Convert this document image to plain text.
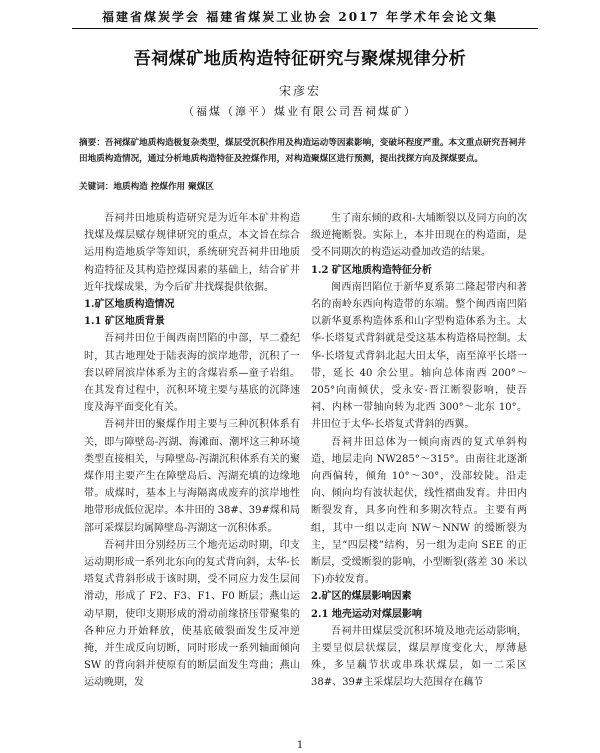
福建省煤炭学会 福建省煤炭工业协会 2017 年学术年会论文集
吾祠煤矿地质构造特征研究与聚煤规律分析
宋彦宏
（福煤（漳平）煤业有限公司吾祠煤矿）
摘要：吾祠煤矿地质构造极复杂类型，煤层受沉积作用及构造运动等因素影响，变破坏程度严重。本文重点研究吾祠井田地质构造情况，通过分析地质构造特征及控煤作用，对构造聚煤区进行预测，提出找探方向及探煤要点。
关键词：地质构造 控煤作用 聚煤区

吾祠井田地质构造研究是为近年本矿井构造找煤及煤层赋存规律研究的重点，本文旨在综合运用构造地质学等知识，系统研究吾祠井田地质构造特征及其构造控煤因素的基础上，结合矿井近年找煤成果，为今后矿井找煤提供依据。

1.矿区地质构造情况
1.1 矿区地质背景

吾祠井田位于闽西南凹陷的中部，早二叠纪时，其古地理处于陆表海的滨岸地带，沉积了一套以碎屑滨岸体系为主的含煤岩系—童子岩组。在其发育过程中，沉积环境主要与基底的沉降速度及海平面变化有关。

吾祠井田的聚煤作用主要与三种沉积体系有关，即与障壁岛-泻湖、海滩面、潮坪这三种环境类型直接相关，与障壁岛-泻湖沉积体系有关的聚煤作用主要产生在障壁岛后、泻湖充填的边缘地带。成煤时，基本上与海隔离成废弃的滨岸地性地带形成低位泥岸。本井田的 38#、39#煤和局部可采煤层均属障壁岛-泻湖这一沉积体系。

吾祠井田分别经历三个地壳运动时期，印支运动期形成一系列北东向的复式背向斜，太华-长塔复式背斜形成于该时期，受不同应力发生层间滑动，形成了 F2、F3、F1、F0 断层；燕山运动早期，使印支期形成的滑动前缘挤压带聚集的各种应力开始释放，使基底破裂面发生反冲逆掩，并生成反向切断，同时形成一系列轴面倾向 SW 的背向斜并使原有的断层面发生弯曲；燕山运动晚期，发

生了南东倾的政和-大埔断裂以及同方向的次级逆掩断裂。实际上，本井田现在的构造面，是受不同期次的构造运动叠加改造的结果。

1.2 矿区地质构造特征分析

闽西南凹陷位于新华夏系第二隆起带内和著名的南岭东西向构造带的东端。整个闽西南凹陷以新华夏系构造体系和山字型构造体系为主。太华-长塔复式背斜就是受这基本构造格局控制。太华-长塔复式背斜北起大田太华，南至漳平长塔一带，延长 40 余公里。轴向总体南西 200°～205°向南倾伏，受永安-晋江断裂影响，使吾祠、内林一带轴向转为北西 300°～北东 10°。井田位于太华-长塔复式背斜的西翼。

吾祠井田总体为一倾向南西的复式单斜构造，地层走向 NW285°～315°。由南往北逐渐向西偏转，倾角 10°～30°，没部较陡。沿走向、倾向均有波状起伏，线性褶曲发育。井田内断裂发育，具多向性和多期次特点。主要有两组，其中一组以走向 NW～NNW 的缓断裂为主，呈“四层楼”结构，另一组为走向 SEE 的正断层，受缓断裂的影响，小型断裂(落差 30 米以下)亦较发育。

2.矿区的煤层影响因素
2.1 地壳运动对煤层影响

吾祠井田煤层受沉积环境及地壳运动影响，主要呈似层状煤层，煤层厚度变化大，厚薄悬殊，多呈藕节状或串珠状煤层，如一二采区 38#、39#主采煤层均大范围存在藕节

1
